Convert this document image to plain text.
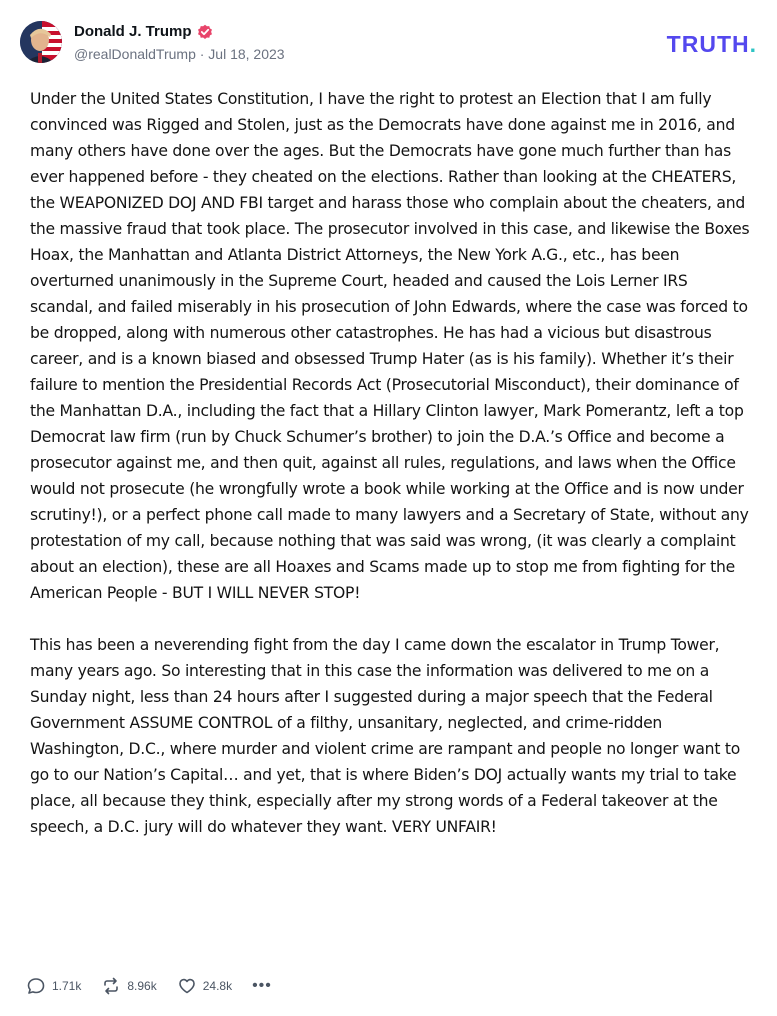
Donald J. Trump
@realDonaldTrump · Jul 18, 2023	TRUTH.

Under the United States Constitution, I have the right to protest an Election that I am fully convinced was Rigged and Stolen, just as the Democrats have done against me in 2016, and many others have done over the ages. But the Democrats have gone much further than has ever happened before - they cheated on the elections. Rather than looking at the CHEATERS, the WEAPONIZED DOJ AND FBI target and harass those who complain about the cheaters, and the massive fraud that took place. The prosecutor involved in this case, and likewise the Boxes Hoax, the Manhattan and Atlanta District Attorneys, the New York A.G., etc., has been overturned unanimously in the Supreme Court, headed and caused the Lois Lerner IRS scandal, and failed miserably in his prosecution of John Edwards, where the case was forced to be dropped, along with numerous other catastrophes. He has had a vicious but disastrous career, and is a known biased and obsessed Trump Hater (as is his family). Whether it’s their failure to mention the Presidential Records Act (Prosecutorial Misconduct), their dominance of the Manhattan D.A., including the fact that a Hillary Clinton lawyer, Mark Pomerantz, left a top Democrat law firm (run by Chuck Schumer’s brother) to join the D.A.’s Office and become a prosecutor against me, and then quit, against all rules, regulations, and laws when the Office would not prosecute (he wrongfully wrote a book while working at the Office and is now under scrutiny!), or a perfect phone call made to many lawyers and a Secretary of State, without any protestation of my call, because nothing that was said was wrong, (it was clearly a complaint about an election), these are all Hoaxes and Scams made up to stop me from fighting for the American People - BUT I WILL NEVER STOP!

This has been a neverending fight from the day I came down the escalator in Trump Tower, many years ago. So interesting that in this case the information was delivered to me on a Sunday night, less than 24 hours after I suggested during a major speech that the Federal Government ASSUME CONTROL of a filthy, unsanitary, neglected, and crime-ridden Washington, D.C., where murder and violent crime are rampant and people no longer want to go to our Nation’s Capital… and yet, that is where Biden’s DOJ actually wants my trial to take place, all because they think, especially after my strong words of a Federal takeover at the speech, a D.C. jury will do whatever they want. VERY UNFAIR!

1.71k	8.96k	24.8k •••
